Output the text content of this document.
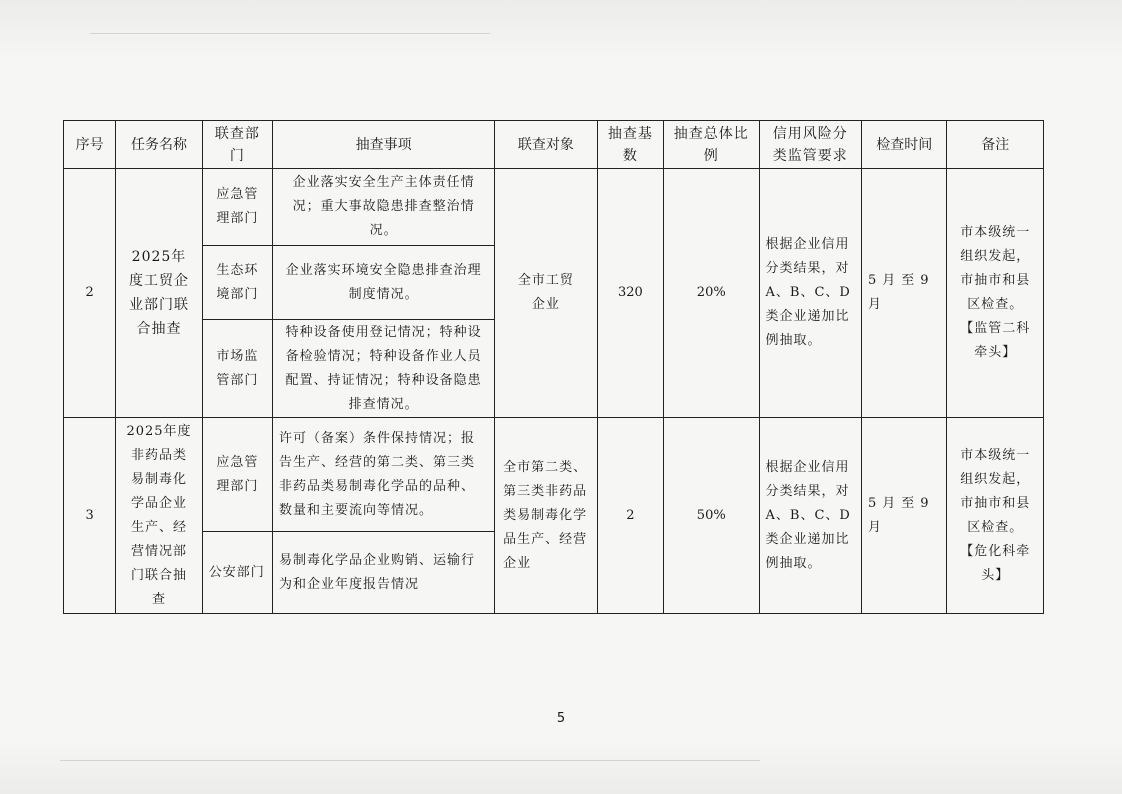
序号	任务名称	联查部门	抽查事项	联查对象	抽查基数	抽查总体比例	信用风险分类监管要求	检查时间	备注
2	2025年度工贸企业部门联合抽查	应急管理部门	企业落实安全生产主体责任情况；重大事故隐患排查整治情况。	全市工贸企业	320	20%	根据企业信用分类结果，对A、B、C、D类企业递加比例抽取。	5月至9月	市本级统一组织发起，市抽市和县区检查。【监管二科牵头】

		生态环境部门	企业落实环境安全隐患排查治理制度情况。						

		市场监管部门	特种设备使用登记情况；特种设备检验情况；特种设备作业人员配置、持证情况；特种设备隐患排查情况。						

3	2025年度非药品类易制毒化学品企业生产、经营情况部门联合抽查	应急管理部门	许可（备案）条件保持情况；报告生产、经营的第二类、第三类非药品类易制毒化学品的品种、数量和主要流向等情况。	全市第二类、第三类非药品类易制毒化学品生产、经营企业	2	50%	根据企业信用分类结果，对A、B、C、D类企业递加比例抽取。	5月至9月	市本级统一组织发起，市抽市和县区检查。【危化科牵头】

		公安部门	易制毒化学品企业购销、运输行为和企业年度报告情况						
5
